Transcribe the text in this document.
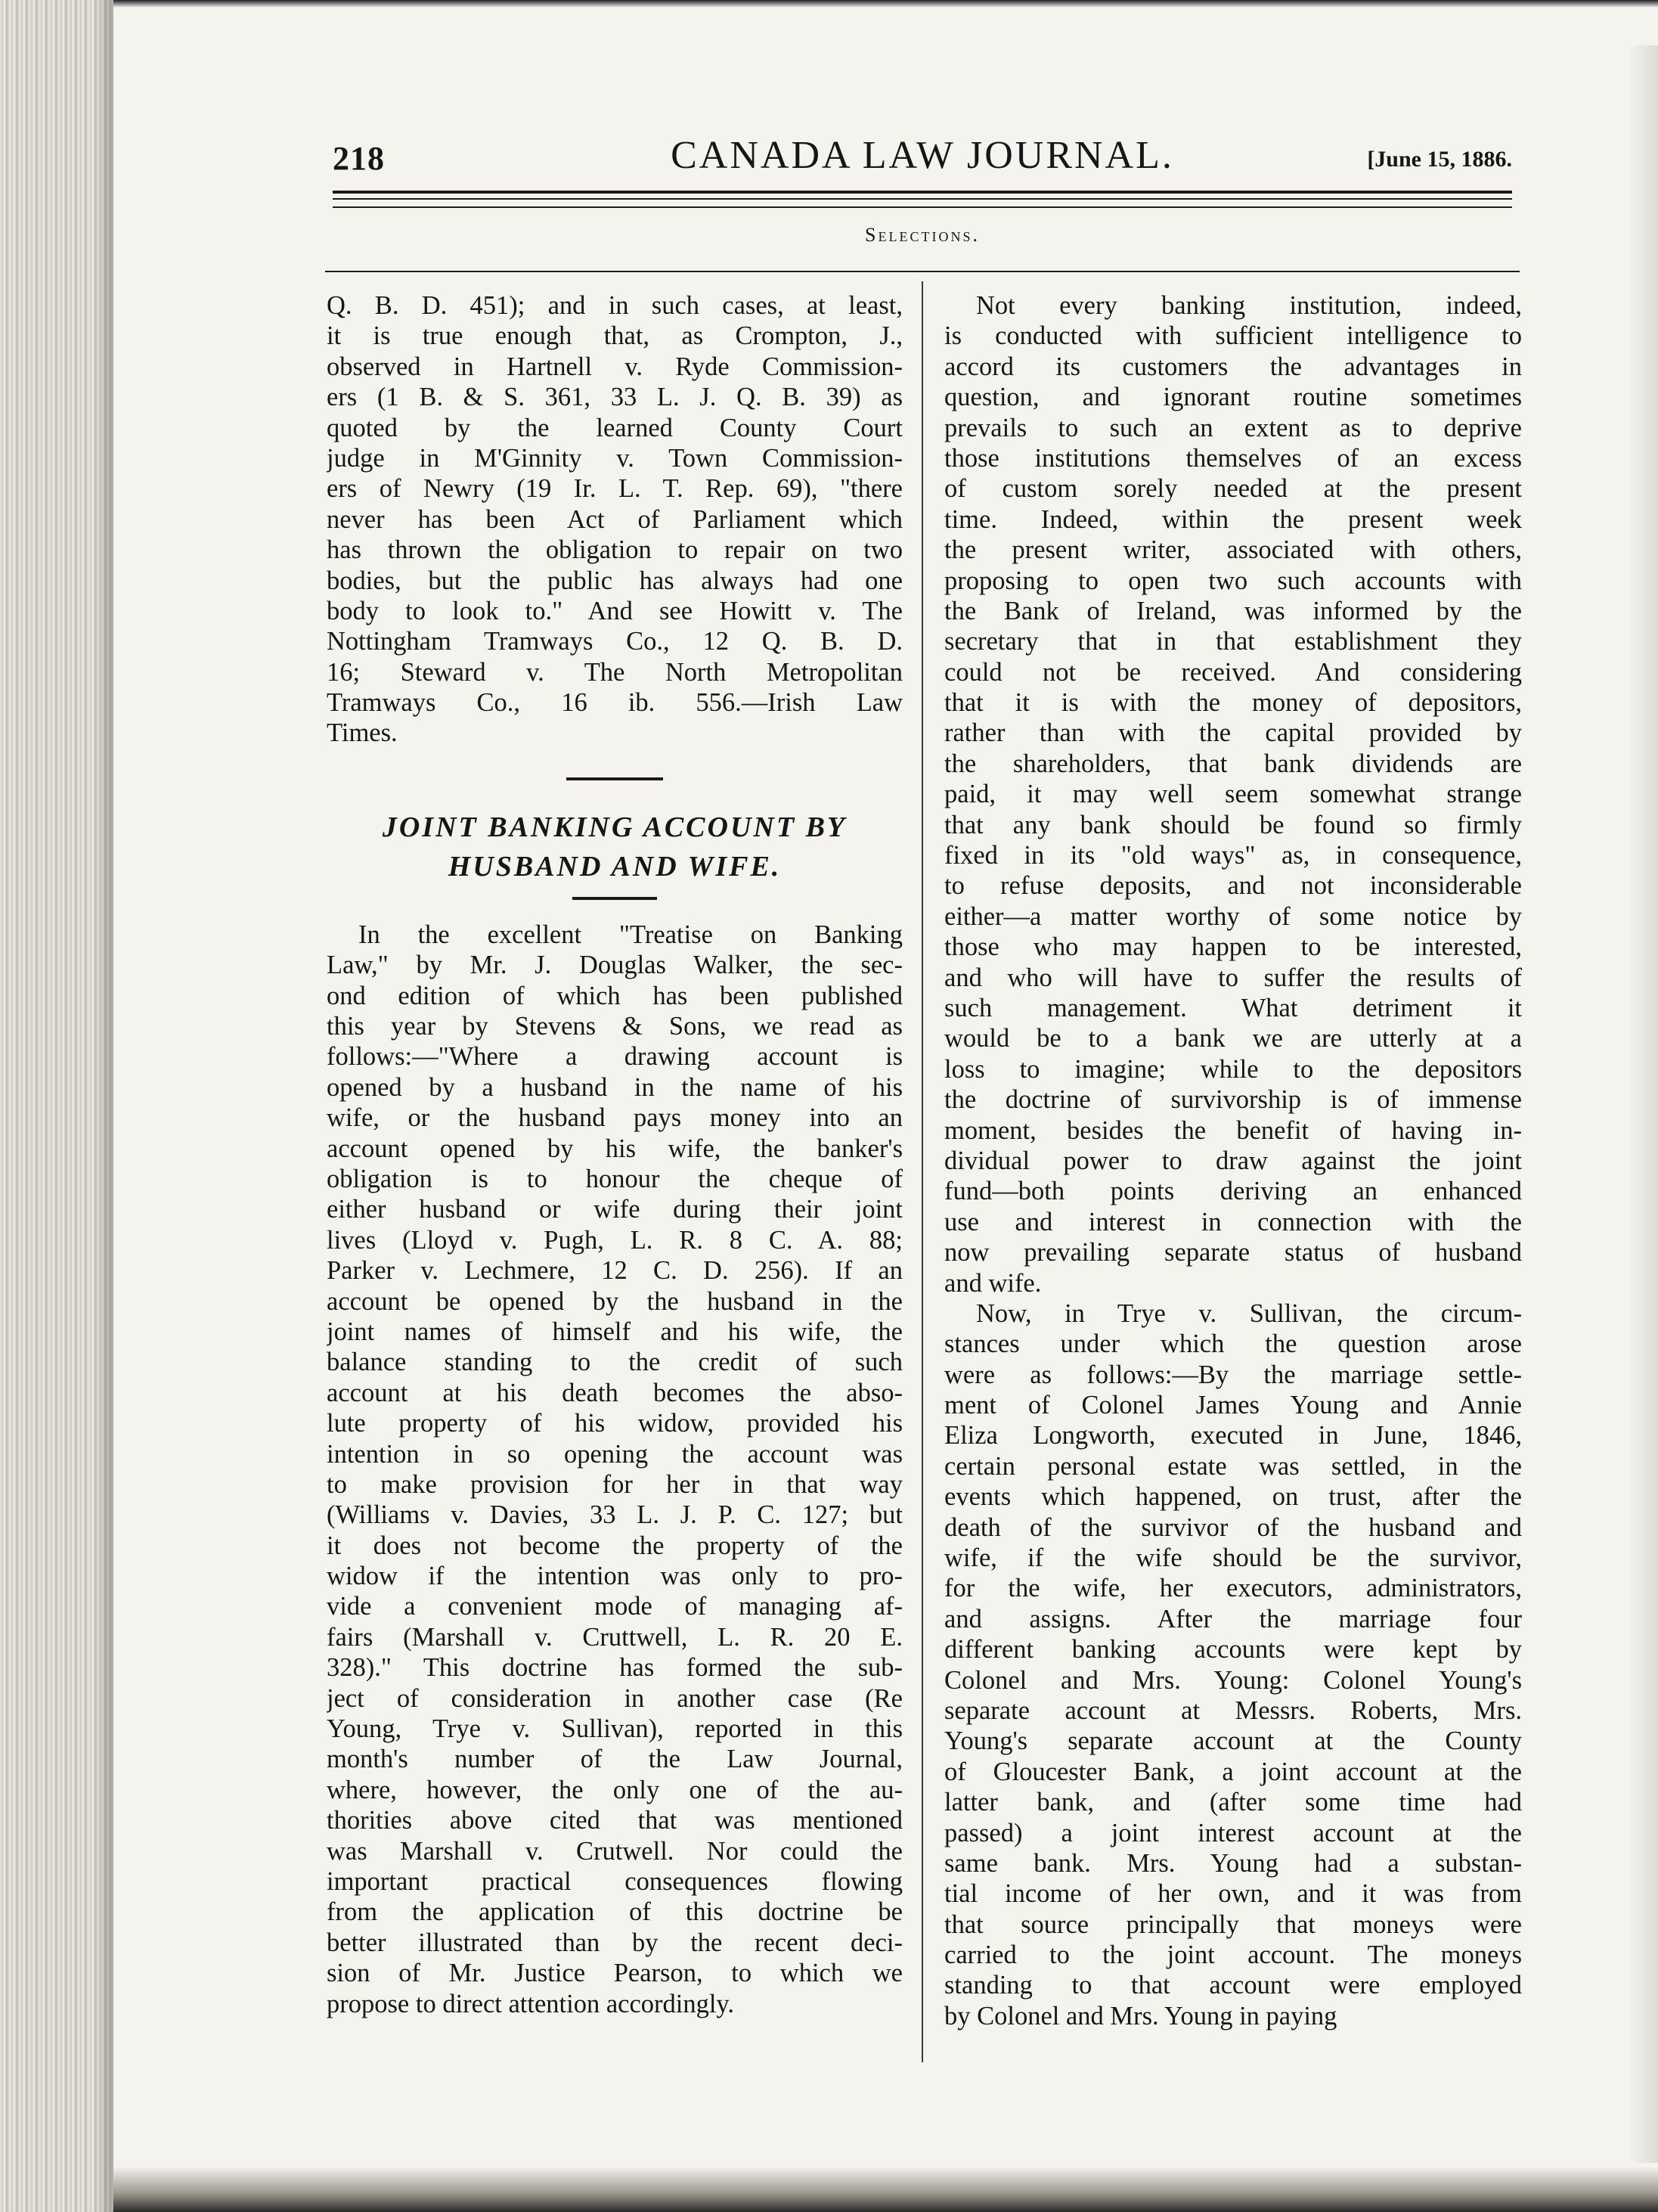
218	CANADA LAW JOURNAL.	[June 15, 1886.
Selections.
Q. B. D. 451); and in such cases, at least,
it is true enough that, as Crompton, J.,
observed in Hartnell v. Ryde Commission-
ers (1 B. & S. 361, 33 L. J. Q. B. 39) as
quoted by the learned County Court
judge in M'Ginnity v. Town Commission-
ers of Newry (19 Ir. L. T. Rep. 69), "there
never has been Act of Parliament which
has thrown the obligation to repair on two
bodies, but the public has always had one
body to look to." And see Howitt v. The
Nottingham Tramways Co., 12 Q. B. D.
16; Steward v. The North Metropolitan
Tramways Co., 16 ib. 556.—Irish Law
Times.
JOINT BANKING ACCOUNT BY
HUSBAND AND WIFE.
In the excellent "Treatise on Banking
Law," by Mr. J. Douglas Walker, the sec-
ond edition of which has been published
this year by Stevens & Sons, we read as
follows:—"Where a drawing account is
opened by a husband in the name of his
wife, or the husband pays money into an
account opened by his wife, the banker's
obligation is to honour the cheque of
either husband or wife during their joint
lives (Lloyd v. Pugh, L. R. 8 C. A. 88;
Parker v. Lechmere, 12 C. D. 256). If an
account be opened by the husband in the
joint names of himself and his wife, the
balance standing to the credit of such
account at his death becomes the abso-
lute property of his widow, provided his
intention in so opening the account was
to make provision for her in that way
(Williams v. Davies, 33 L. J. P. C. 127; but
it does not become the property of the
widow if the intention was only to pro-
vide a convenient mode of managing af-
fairs (Marshall v. Cruttwell, L. R. 20 E.
328)." This doctrine has formed the sub-
ject of consideration in another case (Re
Young, Trye v. Sullivan), reported in this
month's number of the Law Journal,
where, however, the only one of the au-
thorities above cited that was mentioned
was Marshall v. Crutwell. Nor could the
important practical consequences flowing
from the application of this doctrine be
better illustrated than by the recent deci-
sion of Mr. Justice Pearson, to which we
propose to direct attention accordingly.
Not every banking institution, indeed,
is conducted with sufficient intelligence to
accord its customers the advantages in
question, and ignorant routine sometimes
prevails to such an extent as to deprive
those institutions themselves of an excess
of custom sorely needed at the present
time. Indeed, within the present week
the present writer, associated with others,
proposing to open two such accounts with
the Bank of Ireland, was informed by the
secretary that in that establishment they
could not be received. And considering
that it is with the money of depositors,
rather than with the capital provided by
the shareholders, that bank dividends are
paid, it may well seem somewhat strange
that any bank should be found so firmly
fixed in its "old ways" as, in consequence,
to refuse deposits, and not inconsiderable
either—a matter worthy of some notice by
those who may happen to be interested,
and who will have to suffer the results of
such management. What detriment it
would be to a bank we are utterly at a
loss to imagine; while to the depositors
the doctrine of survivorship is of immense
moment, besides the benefit of having in-
dividual power to draw against the joint
fund—both points deriving an enhanced
use and interest in connection with the
now prevailing separate status of husband
and wife.
Now, in Trye v. Sullivan, the circum-
stances under which the question arose
were as follows:—By the marriage settle-
ment of Colonel James Young and Annie
Eliza Longworth, executed in June, 1846,
certain personal estate was settled, in the
events which happened, on trust, after the
death of the survivor of the husband and
wife, if the wife should be the survivor,
for the wife, her executors, administrators,
and assigns. After the marriage four
different banking accounts were kept by
Colonel and Mrs. Young: Colonel Young's
separate account at Messrs. Roberts, Mrs.
Young's separate account at the County
of Gloucester Bank, a joint account at the
latter bank, and (after some time had
passed) a joint interest account at the
same bank. Mrs. Young had a substan-
tial income of her own, and it was from
that source principally that moneys were
carried to the joint account. The moneys
standing to that account were employed
by Colonel and Mrs. Young in paying
